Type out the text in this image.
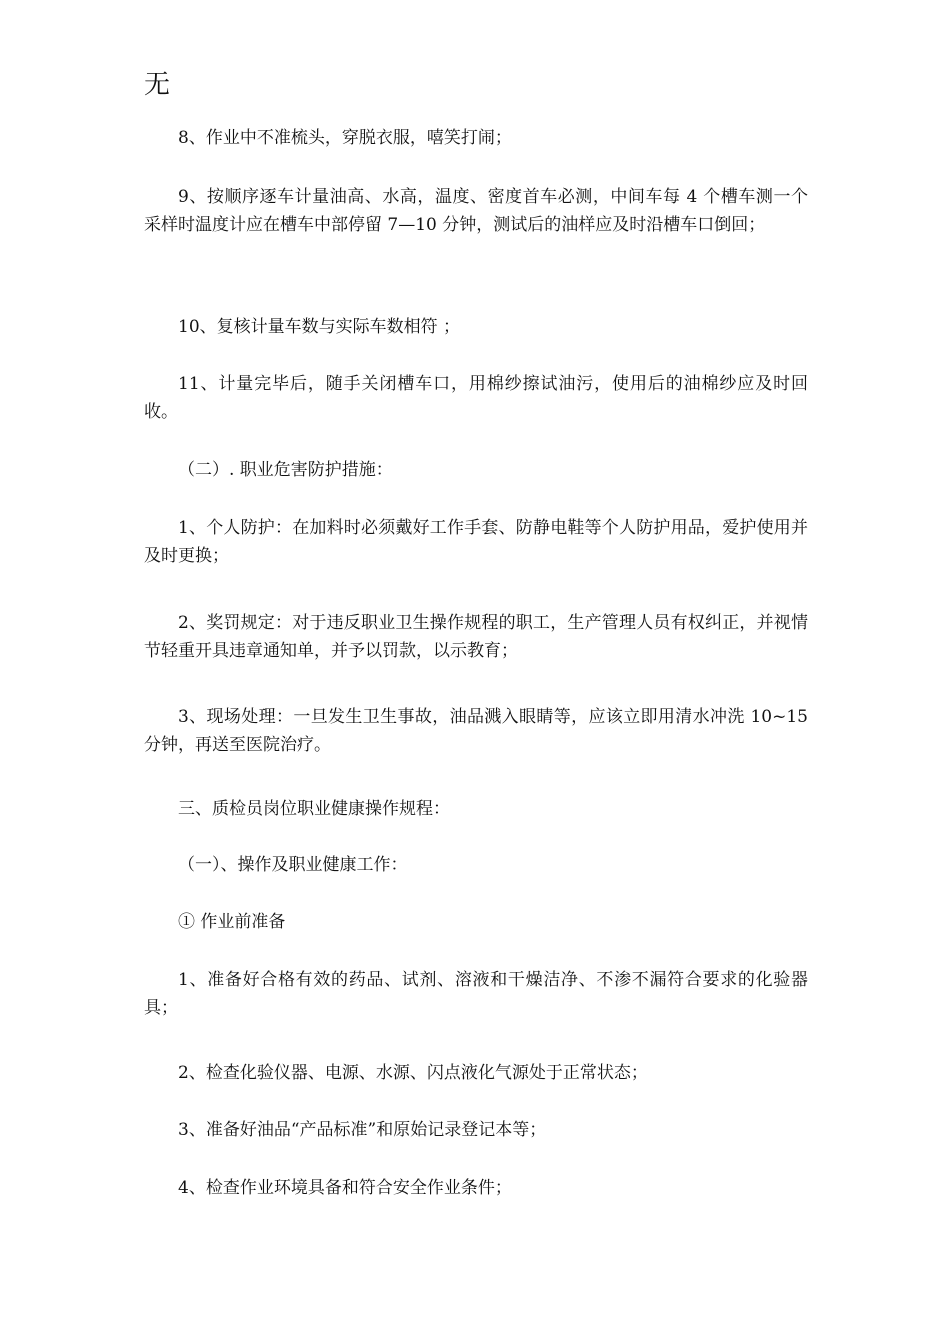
无

8、作业中不准梳头，穿脱衣服，嘻笑打闹；

9、按顺序逐车计量油高、水高，温度、密度首车必测，中间车每 4 个槽车测一个 采样时温度计应在槽车中部停留 7—10 分钟，测试后的油样应及时沿槽车口倒回；

10、复核计量车数与实际车数相符 ；

11、计量完毕后，随手关闭槽车口，用棉纱擦试油污，使用后的油棉纱应及时回收。

（二）. 职业危害防护措施：

1、个人防护：在加料时必须戴好工作手套、防静电鞋等个人防护用品，爱护使用并及时更换；

2、奖罚规定：对于违反职业卫生操作规程的职工，生产管理人员有权纠正，并视情节轻重开具违章通知单，并予以罚款，以示教育；

3、现场处理：一旦发生卫生事故，油品溅入眼睛等，应该立即用清水冲洗 10~15 分钟，再送至医院治疗。

三、质检员岗位职业健康操作规程：

（一）、操作及职业健康工作：

① 作业前准备

1、准备好合格有效的药品、试剂、溶液和干燥洁净、不渗不漏符合要求的化验器具；

2、检查化验仪器、电源、水源、闪点液化气源处于正常状态；

3、准备好油品“产品标准”和原始记录登记本等；

4、检查作业环境具备和符合安全作业条件；
